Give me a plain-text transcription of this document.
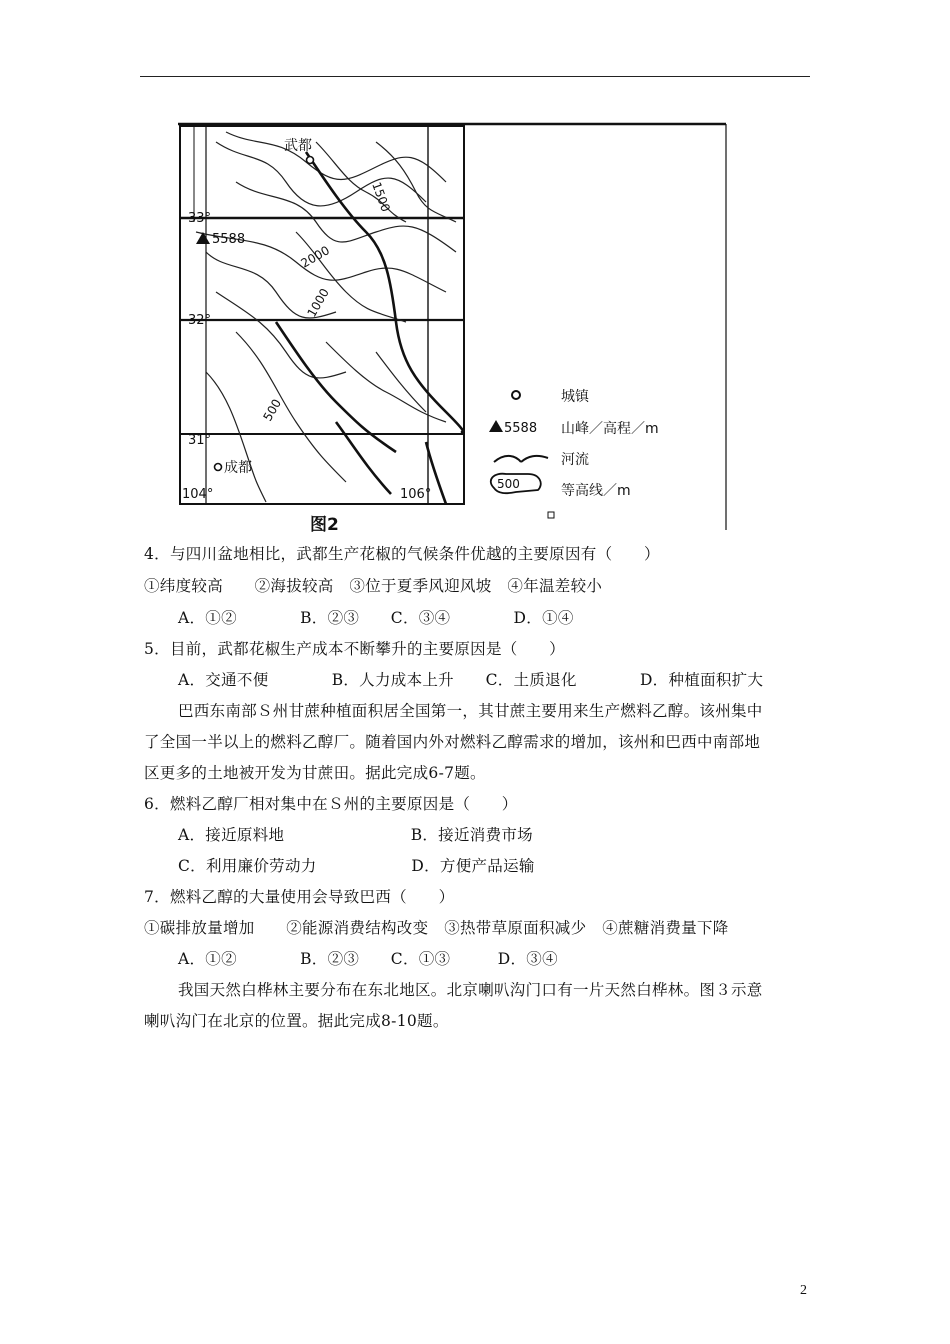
武都
5588
成都
1500
2000
1000
500
33°
32°
31°
104°	106°
图2
城镇
5588 山峰／高程／m
河流
500	等高线／m
4．与四川盆地相比，武都生产花椒的气候条件优越的主要原因有（　　）
①纬度较高　　②海拔较高　③位于夏季风迎风坡　④年温差较小
A．①②　　　　B．②③　　C．③④　　　　D．①④
5．目前，武都花椒生产成本不断攀升的主要原因是（　　）
A．交通不便　　　　B．人力成本上升　　C．土质退化　　　　D．种植面积扩大
巴西东南部Ｓ州甘蔗种植面积居全国第一，其甘蔗主要用来生产燃料乙醇。该州集中
了全国一半以上的燃料乙醇厂。随着国内外对燃料乙醇需求的增加，该州和巴西中南部地
区更多的土地被开发为甘蔗田。据此完成6-7题。
6．燃料乙醇厂相对集中在Ｓ州的主要原因是（　　）
A．接近原料地　　　　　　　　B．接近消费市场
C．利用廉价劳动力　　　　　　D．方便产品运输
7．燃料乙醇的大量使用会导致巴西（　　）
①碳排放量增加　　②能源消费结构改变　③热带草原面积减少　④蔗糖消费量下降
A．①②　　　　B．②③　　C．①③　　　D．③④
我国天然白桦林主要分布在东北地区。北京喇叭沟门口有一片天然白桦林。图３示意
喇叭沟门在北京的位置。据此完成8-10题。
2
